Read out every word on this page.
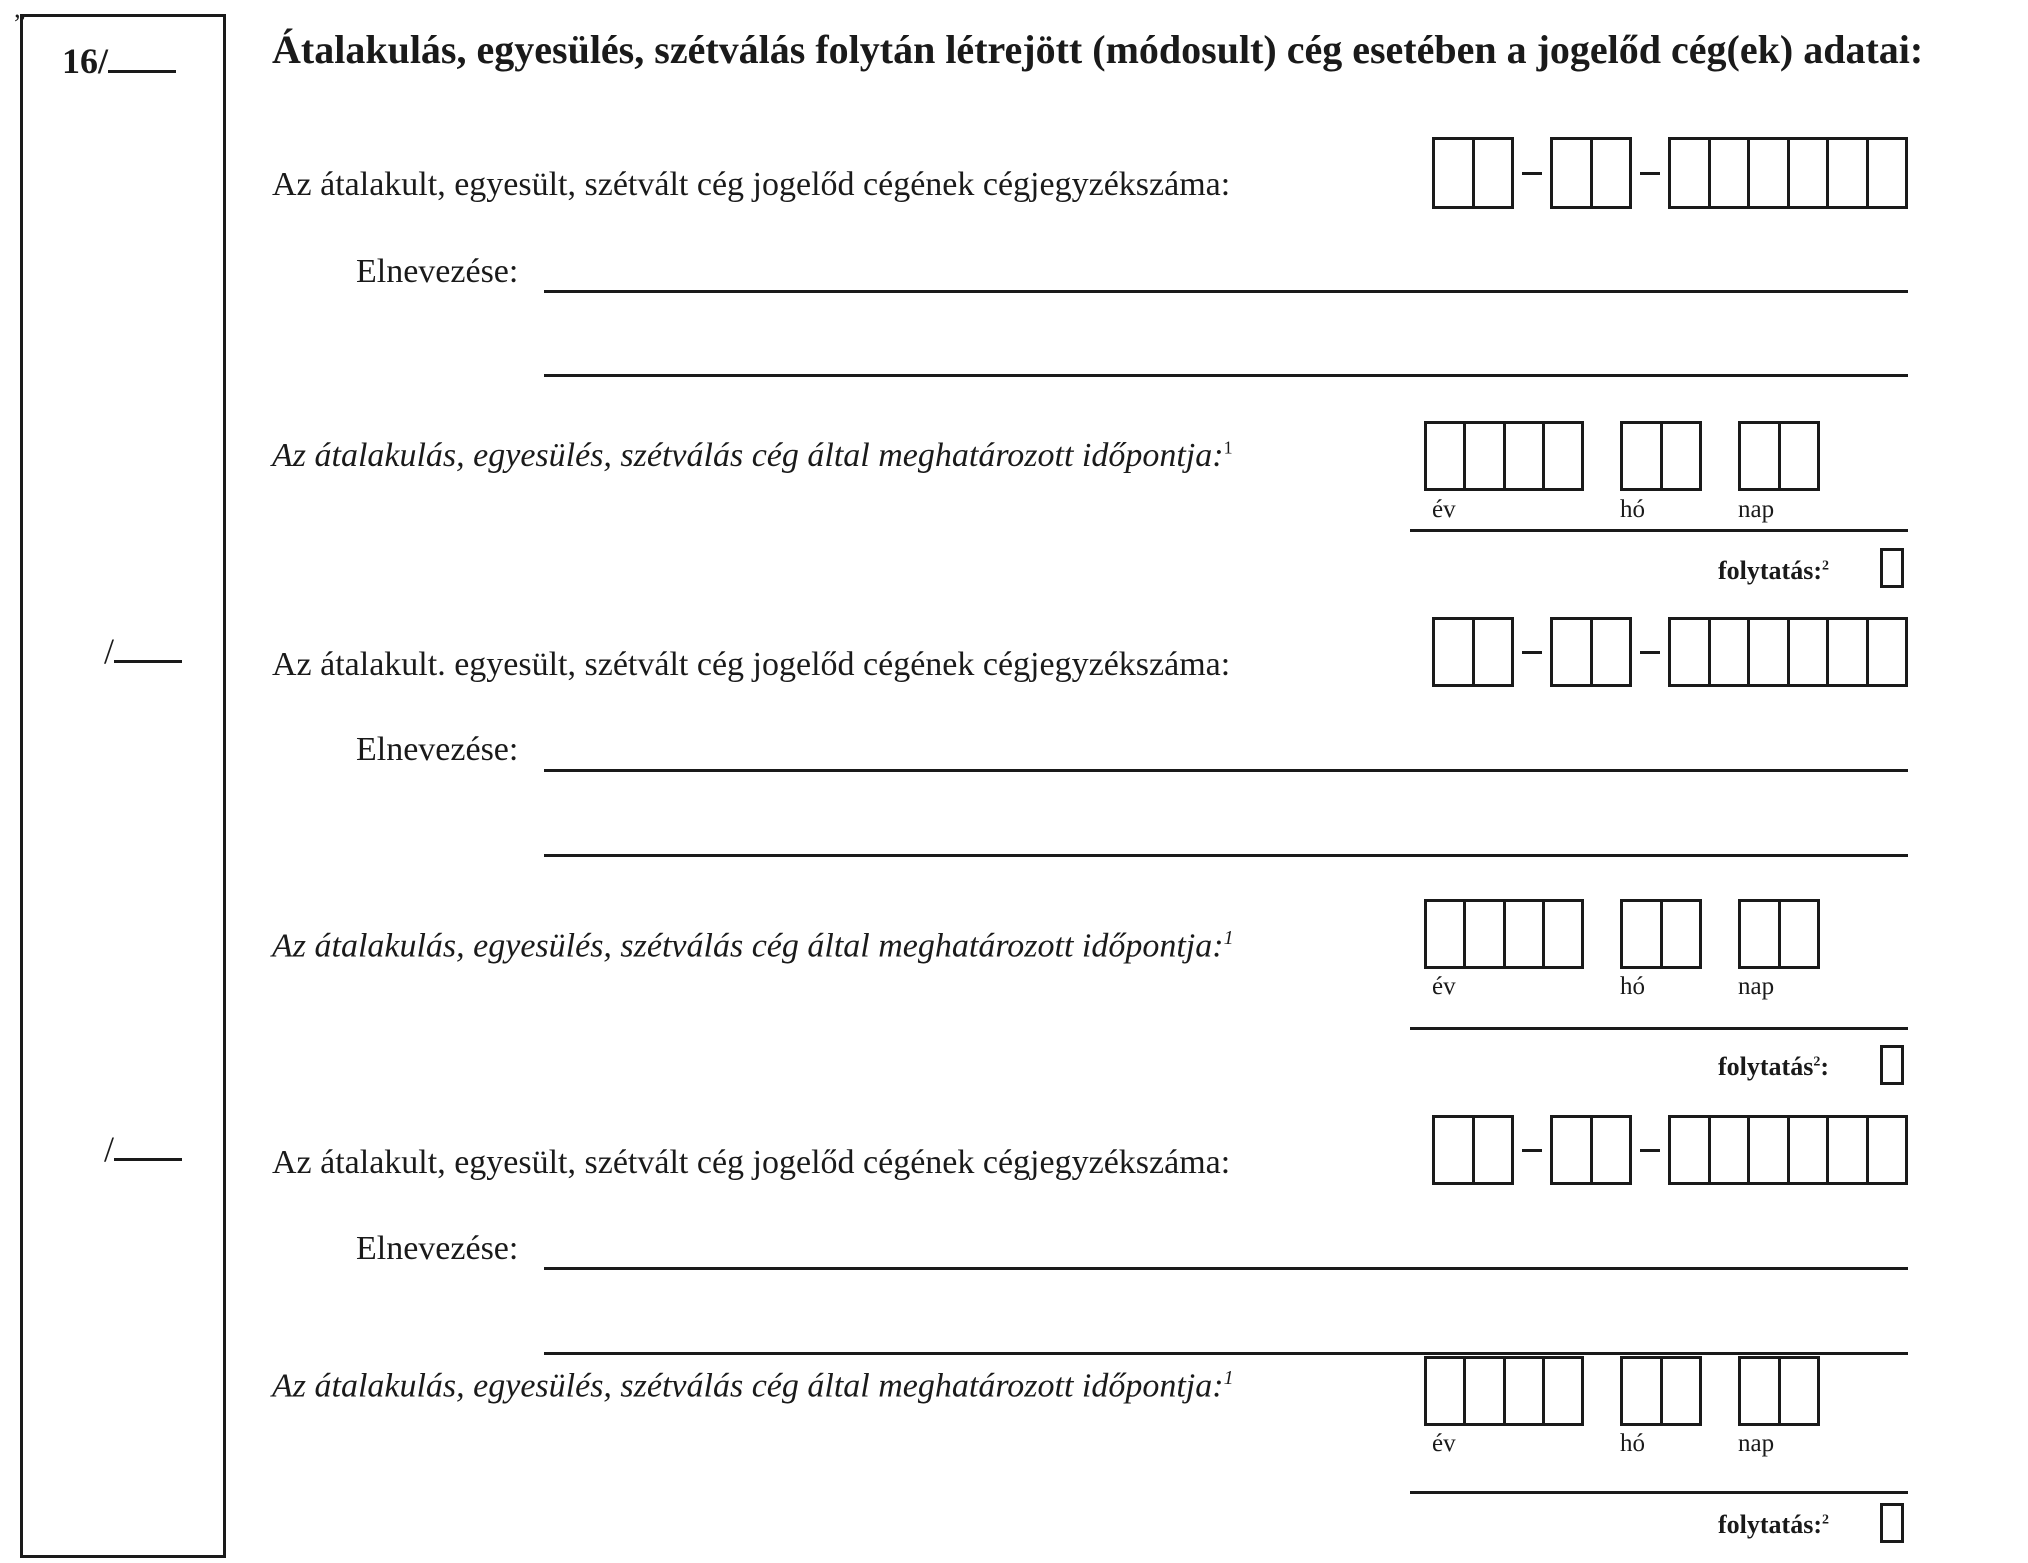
„
16/
/
/
Átalakulás, egyesülés, szétválás folytán létrejött (módosult) cég esetében a jogelőd cég(ek) adatai:
Az átalakult, egyesült, szétvált cég jogelőd cégének cégjegyzékszáma:
Elnevezése:
Az átalakulás, egyesülés, szétválás cég által meghatározott időpontja:$^1$
év	hó	nap
folytatás:$^2$
Az átalakult. egyesült, szétvált cég jogelőd cégének cégjegyzékszáma:
Elnevezése:
Az átalakulás, egyesülés, szétválás cég által meghatározott időpontja:$^1$
év	hó	nap
folytatás$^2$:
Az átalakult, egyesült, szétvált cég jogelőd cégének cégjegyzékszáma:
Elnevezése:
Az átalakulás, egyesülés, szétválás cég által meghatározott időpontja:$^1$
év	hó	nap
folytatás:$^2$
